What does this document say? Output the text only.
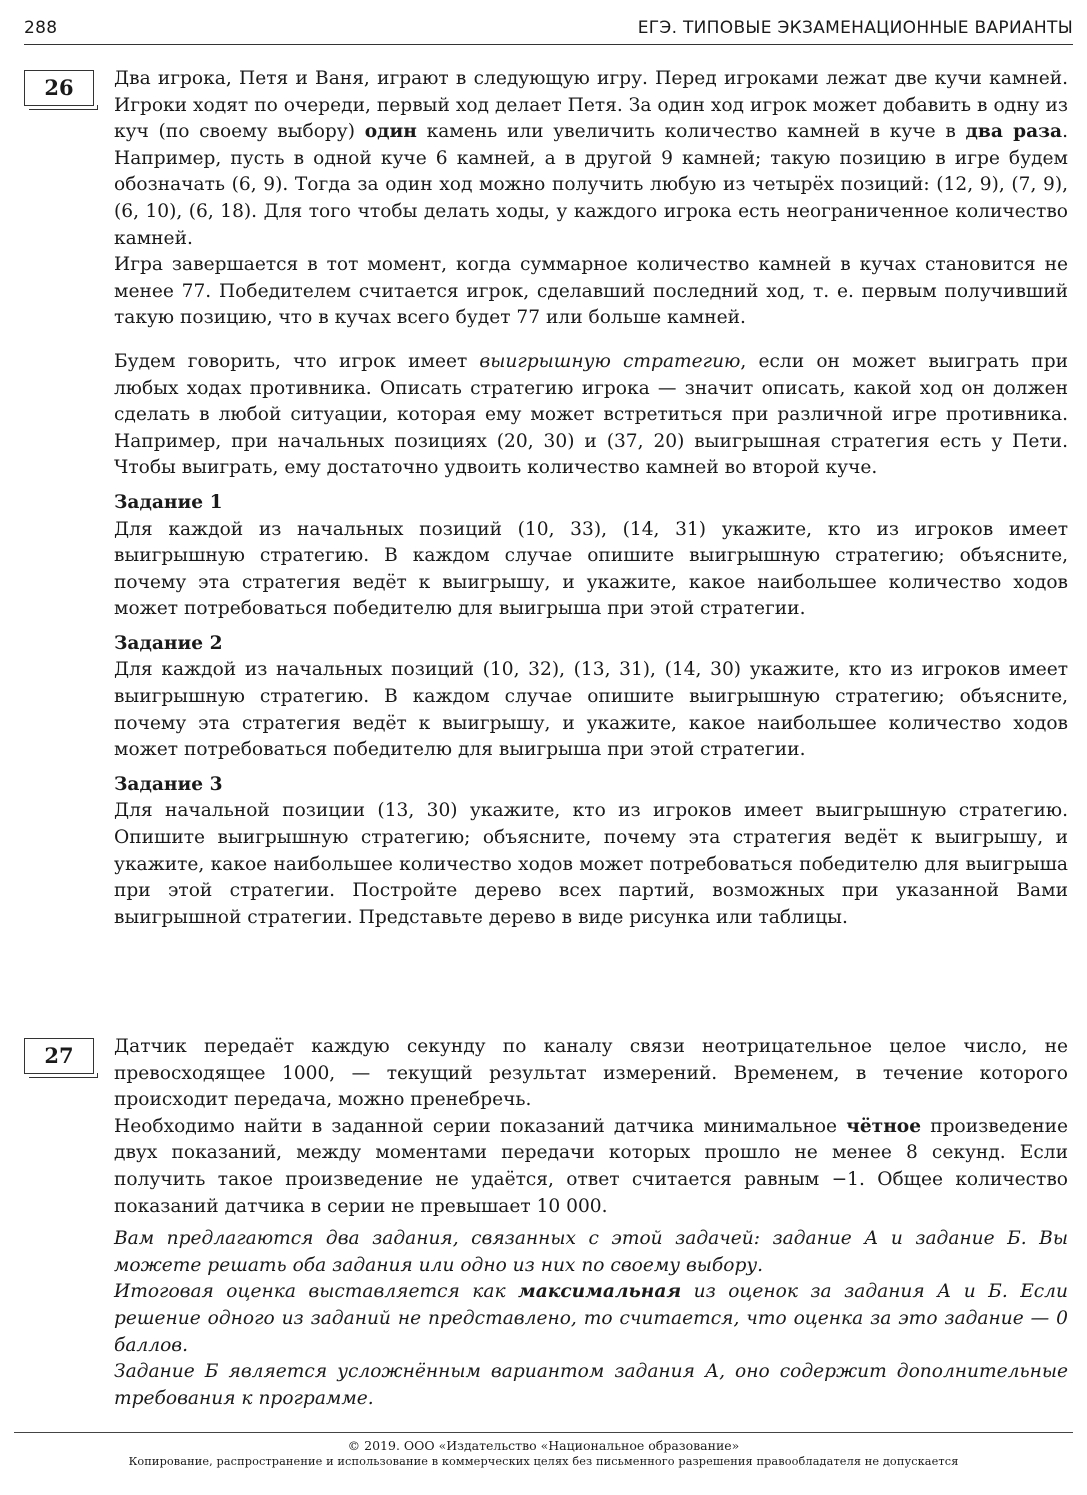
288	ЕГЭ. ТИПОВЫЕ ЭКЗАМЕНАЦИОННЫЕ ВАРИАНТЫ
26	Два игрока, Петя и Ваня, играют в следующую игру. Перед игроками лежат две кучи камней. Игроки ходят по очереди, первый ход делает Петя. За один ход игрок может добавить в одну из куч (по своему выбору) один камень или увеличить количество камней в куче в два раза. Например, пусть в одной куче 6 камней, а в другой 9 камней; такую позицию в игре будем обозначать (6, 9). Тогда за один ход можно получить любую из четырёх позиций: (12, 9), (7, 9), (6, 10), (6, 18). Для того чтобы делать ходы, у каждого игрока есть неограниченное количество камней.

Игра завершается в тот момент, когда суммарное количество камней в кучах становится не менее 77. Победителем считается игрок, сделавший последний ход, т. е. первым получивший такую позицию, что в кучах всего будет 77 или больше камней.

Будем говорить, что игрок имеет выигрышную стратегию, если он может выиграть при любых ходах противника. Описать стратегию игрока — значит описать, какой ход он должен сделать в любой ситуации, которая ему может встретиться при различной игре противника. Например, при начальных позициях (20, 30) и (37, 20) выигрышная стратегия есть у Пети. Чтобы выиграть, ему достаточно удвоить количество камней во второй куче.

Задание 1

Для каждой из начальных позиций (10, 33), (14, 31) укажите, кто из игроков имеет выигрышную стратегию. В каждом случае опишите выигрышную стратегию; объясните, почему эта стратегия ведёт к выигрышу, и укажите, какое наибольшее количество ходов может потребоваться победителю для выигрыша при этой стратегии.

Задание 2

Для каждой из начальных позиций (10, 32), (13, 31), (14, 30) укажите, кто из игроков имеет выигрышную стратегию. В каждом случае опишите выигрышную стратегию; объясните, почему эта стратегия ведёт к выигрышу, и укажите, какое наибольшее количество ходов может потребоваться победителю для выигрыша при этой стратегии.

Задание 3

Для начальной позиции (13, 30) укажите, кто из игроков имеет выигрышную стратегию. Опишите выигрышную стратегию; объясните, почему эта стратегия ведёт к выигрышу, и укажите, какое наибольшее количество ходов может потребоваться победителю для выигрыша при этой стратегии. Постройте дерево всех партий, возможных при указанной Вами выигрышной стратегии. Представьте дерево в виде рисунка или таблицы.

27	Датчик передаёт каждую секунду по каналу связи неотрицательное целое число, не превосходящее 1000, — текущий результат измерений. Временем, в течение которого происходит передача, можно пренебречь.

Необходимо найти в заданной серии показаний датчика минимальное чётное произведение двух показаний, между моментами передачи которых прошло не менее 8 секунд. Если получить такое произведение не удаётся, ответ считается равным −1. Общее количество показаний датчика в серии не превышает 10 000.

Вам предлагаются два задания, связанных с этой задачей: задание А и задание Б. Вы можете решать оба задания или одно из них по своему выбору.

Итоговая оценка выставляется как максимальная из оценок за задания А и Б. Если решение одного из заданий не представлено, то считается, что оценка за это задание — 0 баллов.

Задание Б является усложнённым вариантом задания А, оно содержит дополнительные требования к программе.

© 2019. ООО «Издательство «Национальное образование»
Копирование, распространение и использование в коммерческих целях без письменного разрешения правообладателя не допускается
